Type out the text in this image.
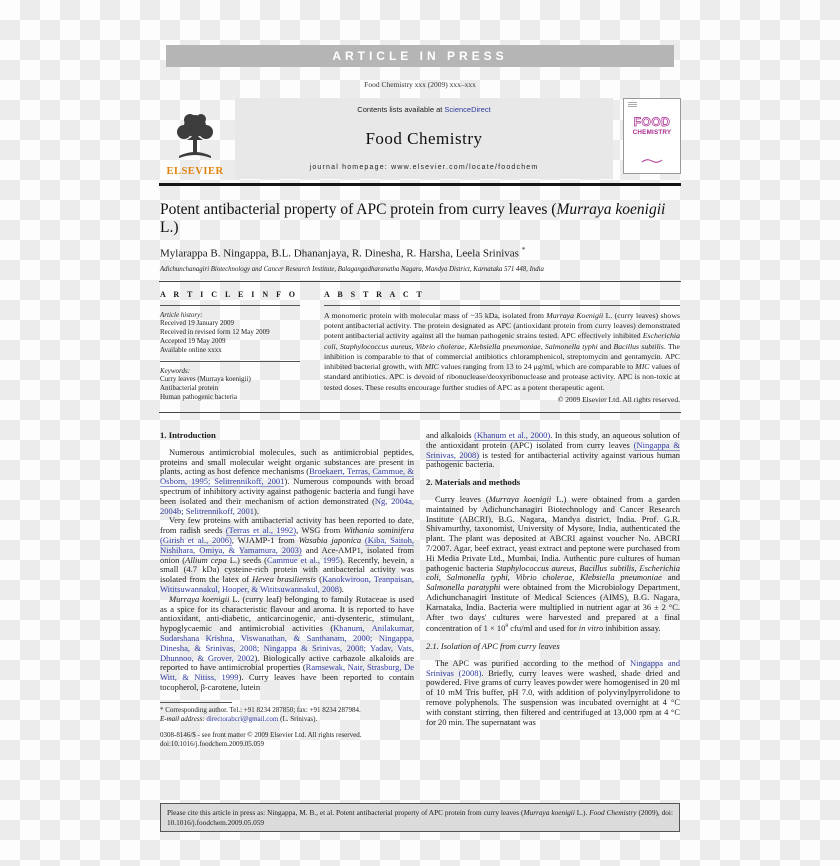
ARTICLE IN PRESS
Food Chemistry xxx (2009) xxx–xxx
ELSEVIER
Contents lists available at ScienceDirect
Food Chemistry
journal homepage: www.elsevier.com/locate/foodchem
FOOD
CHEMISTRY
Potent antibacterial property of APC protein from curry leaves (Murraya koenigii L.)
Mylarappa B. Ningappa, B.L. Dhananjaya, R. Dinesha, R. Harsha, Leela Srinivas *
Adichunchanagiri Biotechnology and Cancer Research Institute, Balagangadharanatha Nagara, Mandya District, Karnataka 571 448, India
A R T I C L E I N F O
Article history:
Received 19 January 2009
Received in revised form 12 May 2009
Accepted 19 May 2009
Available online xxxx
Keywords:
Curry leaves (Murraya koenigii)
Antibacterial protein
Human pathogenic bacteria
A B S T R A C T
A monomeric protein with molecular mass of ~35 kDa, isolated from Murraya Koenigii L. (curry leaves) shows potent antibacterial activity. The protein designated as APC (antioxidant protein from curry leaves) demonstrated potent antibacterial activity against all the human pathogenic strains tested. APC effectively inhibited Escherichia coli, Staphylococcus aureus, Vibrio cholerae, Klebsiella pneumoniae, Salmonella typhi and Bacillus subtilis. The inhibition is comparable to that of commercial antibiotics chloramphenicol, streptomycin and gentamycin. APC inhibited bacterial growth, with MIC values ranging from 13 to 24 μg/ml, which are comparable to MIC values of standard antibiotics. APC is devoid of ribonuclease/deoxyribonuclease and protease activity. APC is non-toxic at tested doses. These results encourage further studies of APC as a potent therapeutic agent.
© 2009 Elsevier Ltd. All rights reserved.
1. Introduction
Numerous antimicrobial molecules, such as antimicrobial peptides, proteins and small molecular weight organic substances are present in plants, acting as host defence mechanisms (Broekaert, Terras, Cammue, & Osborn, 1995; Selitrennikoff, 2001). Numerous compounds with broad spectrum of inhibitory activity against pathogenic bacteria and fungi have been isolated and their mechanism of action demonstrated (Ng, 2004a, 2004b; Selitrennikoff, 2001).
Very few proteins with antibacterial activity has been reported to date, from radish seeds (Terras et al., 1992), WSG from Withania sominifera (Girish et al., 2006), WJAMP-1 from Wasabia japonica (Kiba, Saitoh, Nishihara, Omiya, & Yamamura, 2003) and Ace-AMP1, isolated from onion (Allium cepa L.) seeds (Cammue et al., 1995). Recently, hevein, a small (4.7 kDa) cysteine-rich protein with antibacterial activity was isolated from the latex of Hevea brasiliensis (Kanokwiroon, Teanpaisan, Wititsuwannakul, Hooper, & Wititsuwannakul, 2008).
Murraya koenigii L. (curry leaf) belonging to family Rutaceae is used as a spice for its characteristic flavour and aroma. It is reported to have antioxidant, anti-diabetic, anticarcinogenic, anti-dysenteric, stimulant, hypoglycaemic and antimicrobial activities (Khanum, Anilakumar, Sudarshana Krishna, Viswanathan, & Santhanam, 2000; Ningappa, Dinesha, & Srinivas, 2008; Ningappa & Srinivas, 2008; Yadav, Vats, Dhunnoo, & Grover, 2002). Biologically active carbazole alkaloids are reported to have antimicrobial properties (Ramsewak, Nair, Strasburg, De Witt, & Nitiss, 1999). Curry leaves have been reported to contain tocopherol, β-carotene, lutein
* Corresponding author. Tel.: +91 8234 287850; fax: +91 8234 287984.
E-mail address: directorabcri@gmail.com (L. Srinivas).
0308-8146/$ - see front matter © 2009 Elsevier Ltd. All rights reserved.
doi:10.1016/j.foodchem.2009.05.059
and alkaloids (Khanum et al., 2000). In this study, an aqueous solution of the antioxidant protein (APC) isolated from curry leaves (Ningappa & Srinivas, 2008) is tested for antibacterial activity against various human pathogenic bacteria.
2. Materials and methods
Curry leaves (Murraya koenigii L.) were obtained from a garden maintained by Adichunchanagiri Biotechnology and Cancer Research Institute (ABCRI), B.G. Nagara, Mandya district, India. Prof. G.R. Shivamurthy, taxonomist, University of Mysore, India, authenticated the plant. The plant was deposited at ABCRI against voucher No. ABCRI 7/2007. Agar, beef extract, yeast extract and peptone were purchased from Hi Media Private Ltd., Mumbai, India. Authentic pure cultures of human pathogenic bacteria Staphylococcus aureus, Bacillus subtilis, Escherichia coli, Salmonella typhi, Vibrio cholerae, Klebsiella pneumoniae and Salmonella paratyphi were obtained from the Microbiology Department, Adichunchanagiri Institute of Medical Sciences (AIMS), B.G. Nagara, Karnataka, India. Bacteria were multiplied in nutrient agar at 36 ± 2 °C. After two days' cultures were harvested and prepared at a final concentration of $1 \times 10^8$ cfu/ml and used for in vitro inhibition assay.
2.1. Isolation of APC from curry leaves
The APC was purified according to the method of Ningappa and Srinivas (2008). Briefly, curry leaves were washed, shade dried and powdered. Five grams of curry leaves powder were homogenised in 20 ml of 10 mM Tris buffer, pH 7.0, with addition of polyvinylpyrrolidone to remove polyphenols. The suspension was incubated overnight at 4 °C with constant stirring, then filtered and centrifuged at 13,000 rpm at 4 °C for 20 min. The supernatant was
Please cite this article in press as: Ningappa, M. B., et al. Potent antibacterial property of APC protein from curry leaves (Murraya koenigii L.). Food Chemistry (2009), doi: 10.1016/j.foodchem.2009.05.059
